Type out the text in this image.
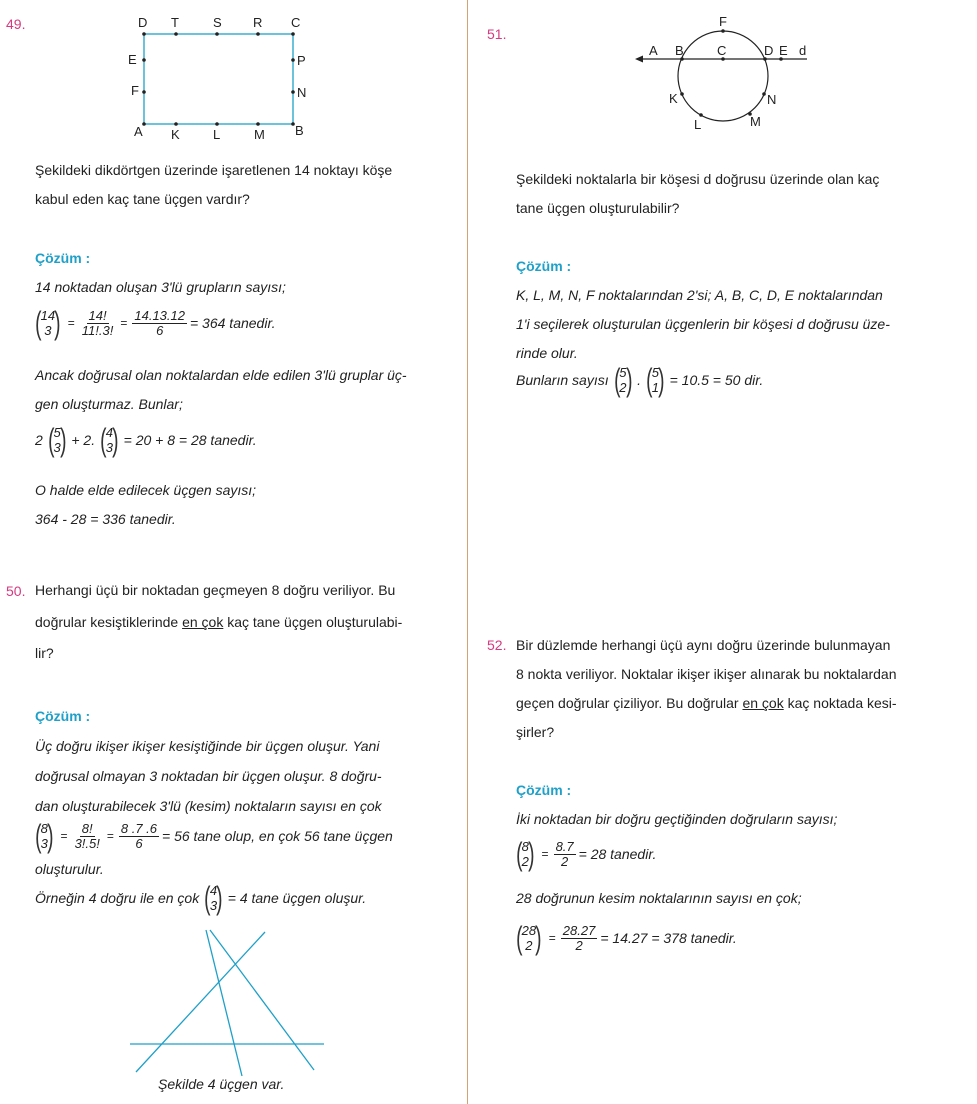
49.	D T	S R C
E
F
P
N
A K	L	M B
Şekildeki dikdörtgen üzerinde işaretlenen 14 noktayı köşe
kabul eden kaç tane üçgen vardır?
Çözüm :
14 noktadan oluşan 3'lü grupların sayısı;
( 14
3 ) = $\frac{14!}{11!.3!} = \frac{14.13.12}{6} = 364$ tanedir.
Ancak doğrusal olan noktalardan elde edilen 3'lü gruplar üç-
gen oluşturmaz. Bunlar;
2 ( 5
3 ) + 2. ( 4
3 ) = 20 + 8 = 28 tanedir.
O halde elde edilecek üçgen sayısı;
364 - 28 = 336 tanedir.
50. Herhangi üçü bir noktadan geçmeyen 8 doğru veriliyor. Bu
doğrular kesiştiklerinde en çok kaç tane üçgen oluşturulabi-
lir?
Çözüm :
Üç doğru ikişer ikişer kesiştiğinde bir üçgen oluşur. Yani
doğrusal olmayan 3 noktadan bir üçgen oluşur. 8 doğru-
dan oluşturabilecek 3'lü (kesim) noktaların sayısı en çok
( 8
3 ) = $\frac{8!}{3!.5!} = \frac{8 .7 .6}{6} = 56$ tane olup, en çok 56 tane üçgen
oluşturulur.
Örneğin 4 doğru ile en çok ( 4
3 ) = 4 tane üçgen oluşur.
Şekilde 4 üçgen var.
51.
F
A B	C	D E d
K	N
L	M
Şekildeki noktalarla bir köşesi d doğrusu üzerinde olan kaç
tane üçgen oluşturulabilir?
Çözüm :
K, L, M, N, F noktalarından 2'si; A, B, C, D, E noktalarından
1'i seçilerek oluşturulan üçgenlerin bir köşesi d doğrusu üze-
rinde olur.
Bunların sayısı ( 5
2 ) . ( 5
1 ) = 10.5 = 50 dir.
52. Bir düzlemde herhangi üçü aynı doğru üzerinde bulunmayan
8 nokta veriliyor. Noktalar ikişer ikişer alınarak bu noktalardan
geçen doğrular çiziliyor. Bu doğrular en çok kaç noktada kesi-
şirler?
Çözüm :
İki noktadan bir doğru geçtiğinden doğruların sayısı;
( 8
2 ) = $\frac{8.7}{2} = 28$ tanedir.
28 doğrunun kesim noktalarının sayısı en çok;
( 28
2 ) = $\frac{28.27}{2} = 14.27 = 378$ tanedir.
